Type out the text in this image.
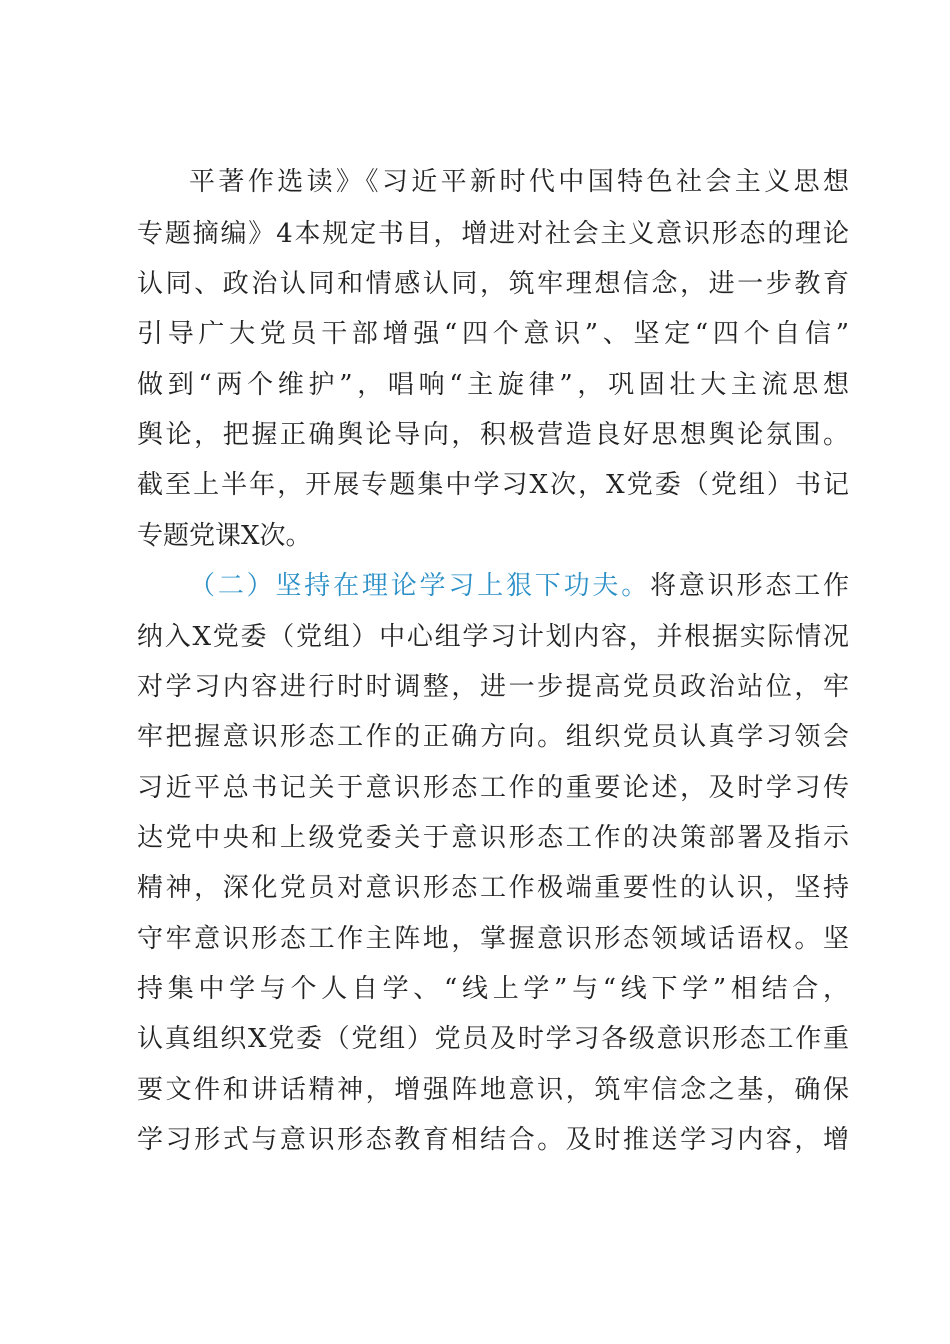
平著作选读》《习近平新时代中国特色社会主义思想
专题摘编》4本规定书目，增进对社会主义意识形态的理论
认同、政治认同和情感认同，筑牢理想信念，进一步教育
引导广大党员干部增强“四个意识”、坚定“四个自信”
做到“两个维护”，唱响“主旋律”，巩固壮大主流思想
舆论，把握正确舆论导向，积极营造良好思想舆论氛围。
截至上半年，开展专题集中学习X次，X党委（党组）书记
专题党课X次。
（二）坚持在理论学习上狠下功夫。将意识形态工作
纳入X党委（党组）中心组学习计划内容，并根据实际情况
对学习内容进行时时调整，进一步提高党员政治站位，牢
牢把握意识形态工作的正确方向。组织党员认真学习领会
习近平总书记关于意识形态工作的重要论述，及时学习传
达党中央和上级党委关于意识形态工作的决策部署及指示
精神，深化党员对意识形态工作极端重要性的认识，坚持
守牢意识形态工作主阵地，掌握意识形态领域话语权。坚
持集中学与个人自学、“线上学”与“线下学”相结合，
认真组织X党委（党组）党员及时学习各级意识形态工作重
要文件和讲话精神，增强阵地意识，筑牢信念之基，确保
学习形式与意识形态教育相结合。及时推送学习内容，增
